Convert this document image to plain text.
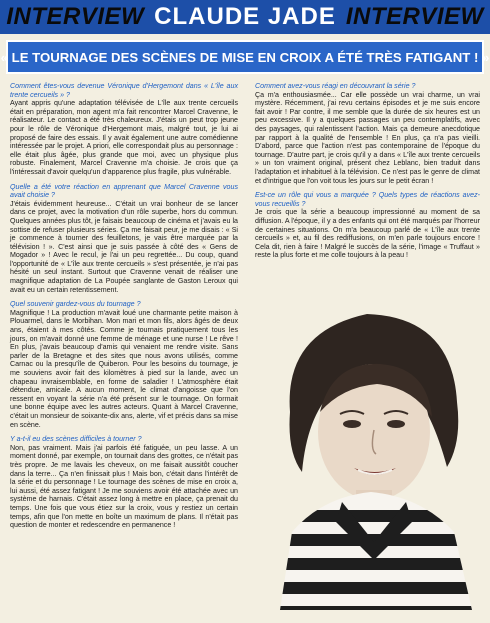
INTERVIEW CLAUDE JADE INTERVIEW
« LE TOURNAGE DES SCÈNES DE MISE EN CROIX A ÉTÉ TRÈS FATIGANT ! »

Comment êtes-vous devenue Véronique d'Hergemont dans « L'île aux trente cercueils » ?

Ayant appris qu'une adaptation télévisée de L'île aux trente cercueils était en préparation, mon agent m'a fait rencontrer Marcel Cravenne, le réalisateur. Le contact a été très chaleureux. J'étais un peut trop jeune pour le rôle de Véronique d'Hergemont mais, malgré tout, je lui ai proposé de faire des essais. Il y avait également une autre comédienne intéressée par le projet. A priori, elle correspondait plus au personnage : elle était plus âgée, plus grande que moi, avec un physique plus robuste. Finalement, Marcel Cravenne m'a choisie. Je crois que ça l'intéressait d'avoir quelqu'un d'apparence plus fragile, plus vulnérable.

Quelle a été votre réaction en apprenant que Marcel Cravenne vous avait choisie ?

J'étais évidemment heureuse... C'était un vrai bonheur de se lancer dans ce projet, avec la motivation d'un rôle superbe, hors du commun. Quelques années plus tôt, je faisais beaucoup de cinéma et j'avais eu la sottise de refuser plusieurs séries. Ça me faisait peur, je me disais : « Si je commence à tourner des feuilletons, je vais être marquée par la télévision ! ». C'est ainsi que je suis passée à côté des « Gens de Mogador » ! Avec le recul, je l'ai un peu regrettée... Du coup, quand l'opportunité de « L'île aux trente cercueils » s'est présentée, je n'ai pas hésité un seul instant. Surtout que Cravenne venait de réaliser une magnifique adaptation de La Poupée sanglante de Gaston Leroux qui avait eu un certain retentissement.

Quel souvenir gardez-vous du tournage ?

Magnifique ! La production m'avait loué une charmante petite maison à Plouarmel, dans le Morbihan. Mon mari et mon fils, alors âgés de deux ans, étaient à mes côtés. Comme je tournais pratiquement tous les jours, on m'avait donné une femme de ménage et une nurse ! Le rêve ! En plus, j'avais beaucoup d'amis qui venaient me rendre visite. Sans parler de la Bretagne et des sites que nous avons utilisés, comme Carnac ou la presqu'île de Quiberon. Pour les besoins du tournage, je me souviens avoir fait des kilomètres à pied sur la lande, avec un chapeau invraisemblable, en forme de saladier ! L'atmosphère était détendue, amicale. A aucun moment, le climat d'angoisse que l'on ressent en voyant la série n'a été présent sur le tournage. On formait une bonne équipe avec les autres acteurs. Quant à Marcel Cravenne, c'était un monsieur de soixante-dix ans, alerte, vif et précis dans sa mise en scène.

Y a-t-il eu des scènes difficiles à tourner ?

Non, pas vraiment. Mais j'ai parfois été fatiguée, un peu lasse. A un moment donné, par exemple, on tournait dans des grottes, ce n'était pas très propre. Je me lavais les cheveux, on me faisait aussitôt coucher dans la terre... Ça n'en finissait plus ! Mais bon, c'était dans l'intérêt de la série et du personnage ! Le tournage des scènes de mise en croix a, lui aussi, été assez fatigant ! Je me souviens avoir été attachée avec un système de harnais. C'était assez long à mettre en place, ça prenait du temps. Une fois que vous étiez sur la croix, vous y restiez un certain temps, afin que l'on mette en boîte un maximum de plans. Il n'était pas question de monter et redescendre en permanence !

Comment avez-vous réagi en découvrant la série ?

Ça m'a enthousiasmée... Car elle possède un vrai charme, un vrai mystère. Récemment, j'ai revu certains épisodes et je me suis encore fait avoir ! Par contre, il me semble que la durée de six heures est un peu excessive. Il y a quelques passages un peu contemplatifs, avec des paysages, qui ralentissent l'action. Mais ça demeure anecdotique par rapport à la qualité de l'ensemble ! En plus, ça n'a pas vieilli. D'abord, parce que l'action n'est pas contemporaine de l'époque du tournage. D'autre part, je crois qu'il y a dans « L'île aux trente cercueils » un ton vraiment original, présent chez Leblanc, bien traduit dans l'adaptation et inhabituel à la télévision. Ce n'est pas le genre de climat et d'intrigue que l'on voit tous les jours sur le petit écran !

Est-ce un rôle qui vous a marquée ? Quels types de réactions avez-vous recueillis ?

Je crois que la série a beaucoup impressionné au moment de sa diffusion. A l'époque, il y a des enfants qui ont été marqués par l'horreur de certaines situations. On m'a beaucoup parlé de « L'île aux trente cercueils » et, au fil des rediffusions, on m'en parle toujours encore ! Cela dit, rien à faire ! Malgré le succès de la série, l'image « Truffaut » reste la plus forte et me colle toujours à la peau !
